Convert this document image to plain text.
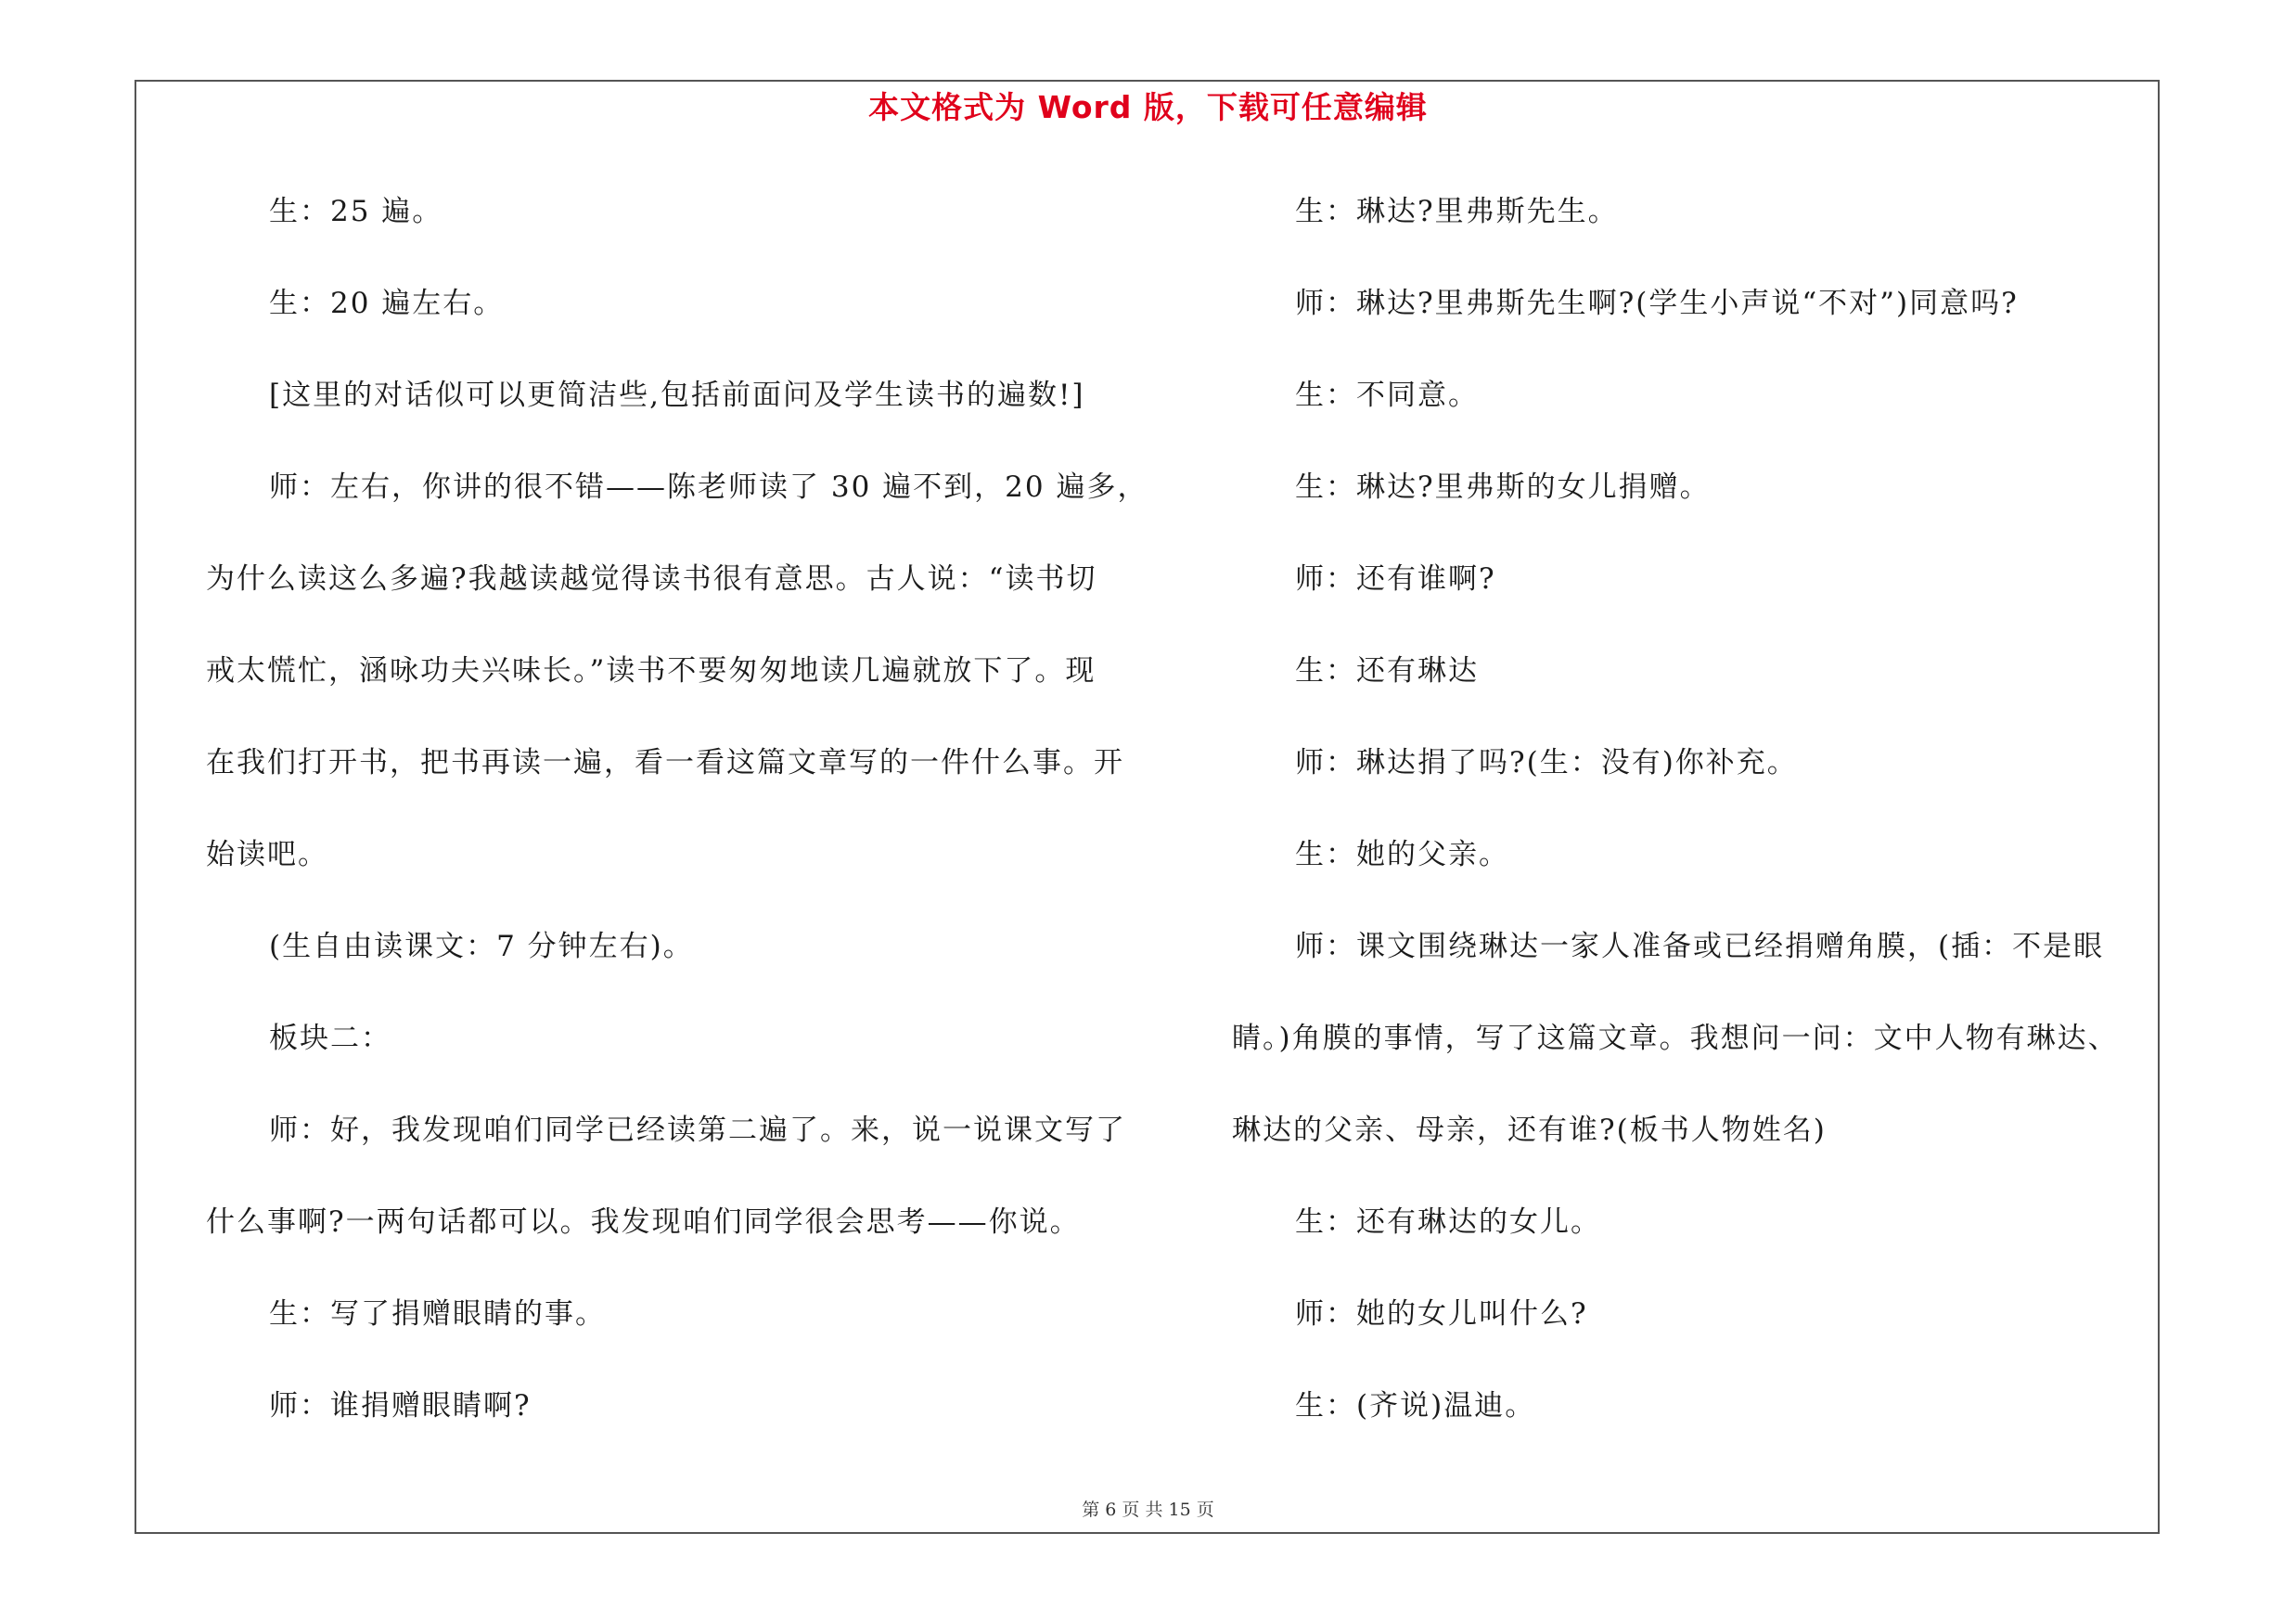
本文格式为 Word 版，下载可任意编辑
生：25 遍。
生：20 遍左右。
[这里的对话似可以更简洁些,包括前面问及学生读书的遍数!]
师：左右，你讲的很不错——陈老师读了 30 遍不到，20 遍多，
为什么读这么多遍?我越读越觉得读书很有意思。古人说：“读书切
戒太慌忙，涵咏功夫兴味长。”读书不要匆匆地读几遍就放下了。现
在我们打开书，把书再读一遍，看一看这篇文章写的一件什么事。开
始读吧。
(生自由读课文：7 分钟左右)。
板块二：
师：好，我发现咱们同学已经读第二遍了。来，说一说课文写了
什么事啊?一两句话都可以。我发现咱们同学很会思考——你说。
生：写了捐赠眼睛的事。
师：谁捐赠眼睛啊?
生：琳达?里弗斯先生。
师：琳达?里弗斯先生啊?(学生小声说“不对”)同意吗?
生：不同意。
生：琳达?里弗斯的女儿捐赠。
师：还有谁啊?
生：还有琳达
师：琳达捐了吗?(生：没有)你补充。
生：她的父亲。
师：课文围绕琳达一家人准备或已经捐赠角膜，(插：不是眼
睛。)角膜的事情，写了这篇文章。我想问一问：文中人物有琳达、
琳达的父亲、母亲，还有谁?(板书人物姓名)
生：还有琳达的女儿。
师：她的女儿叫什么?
生：(齐说)温迪。
第 6 页 共 15 页
